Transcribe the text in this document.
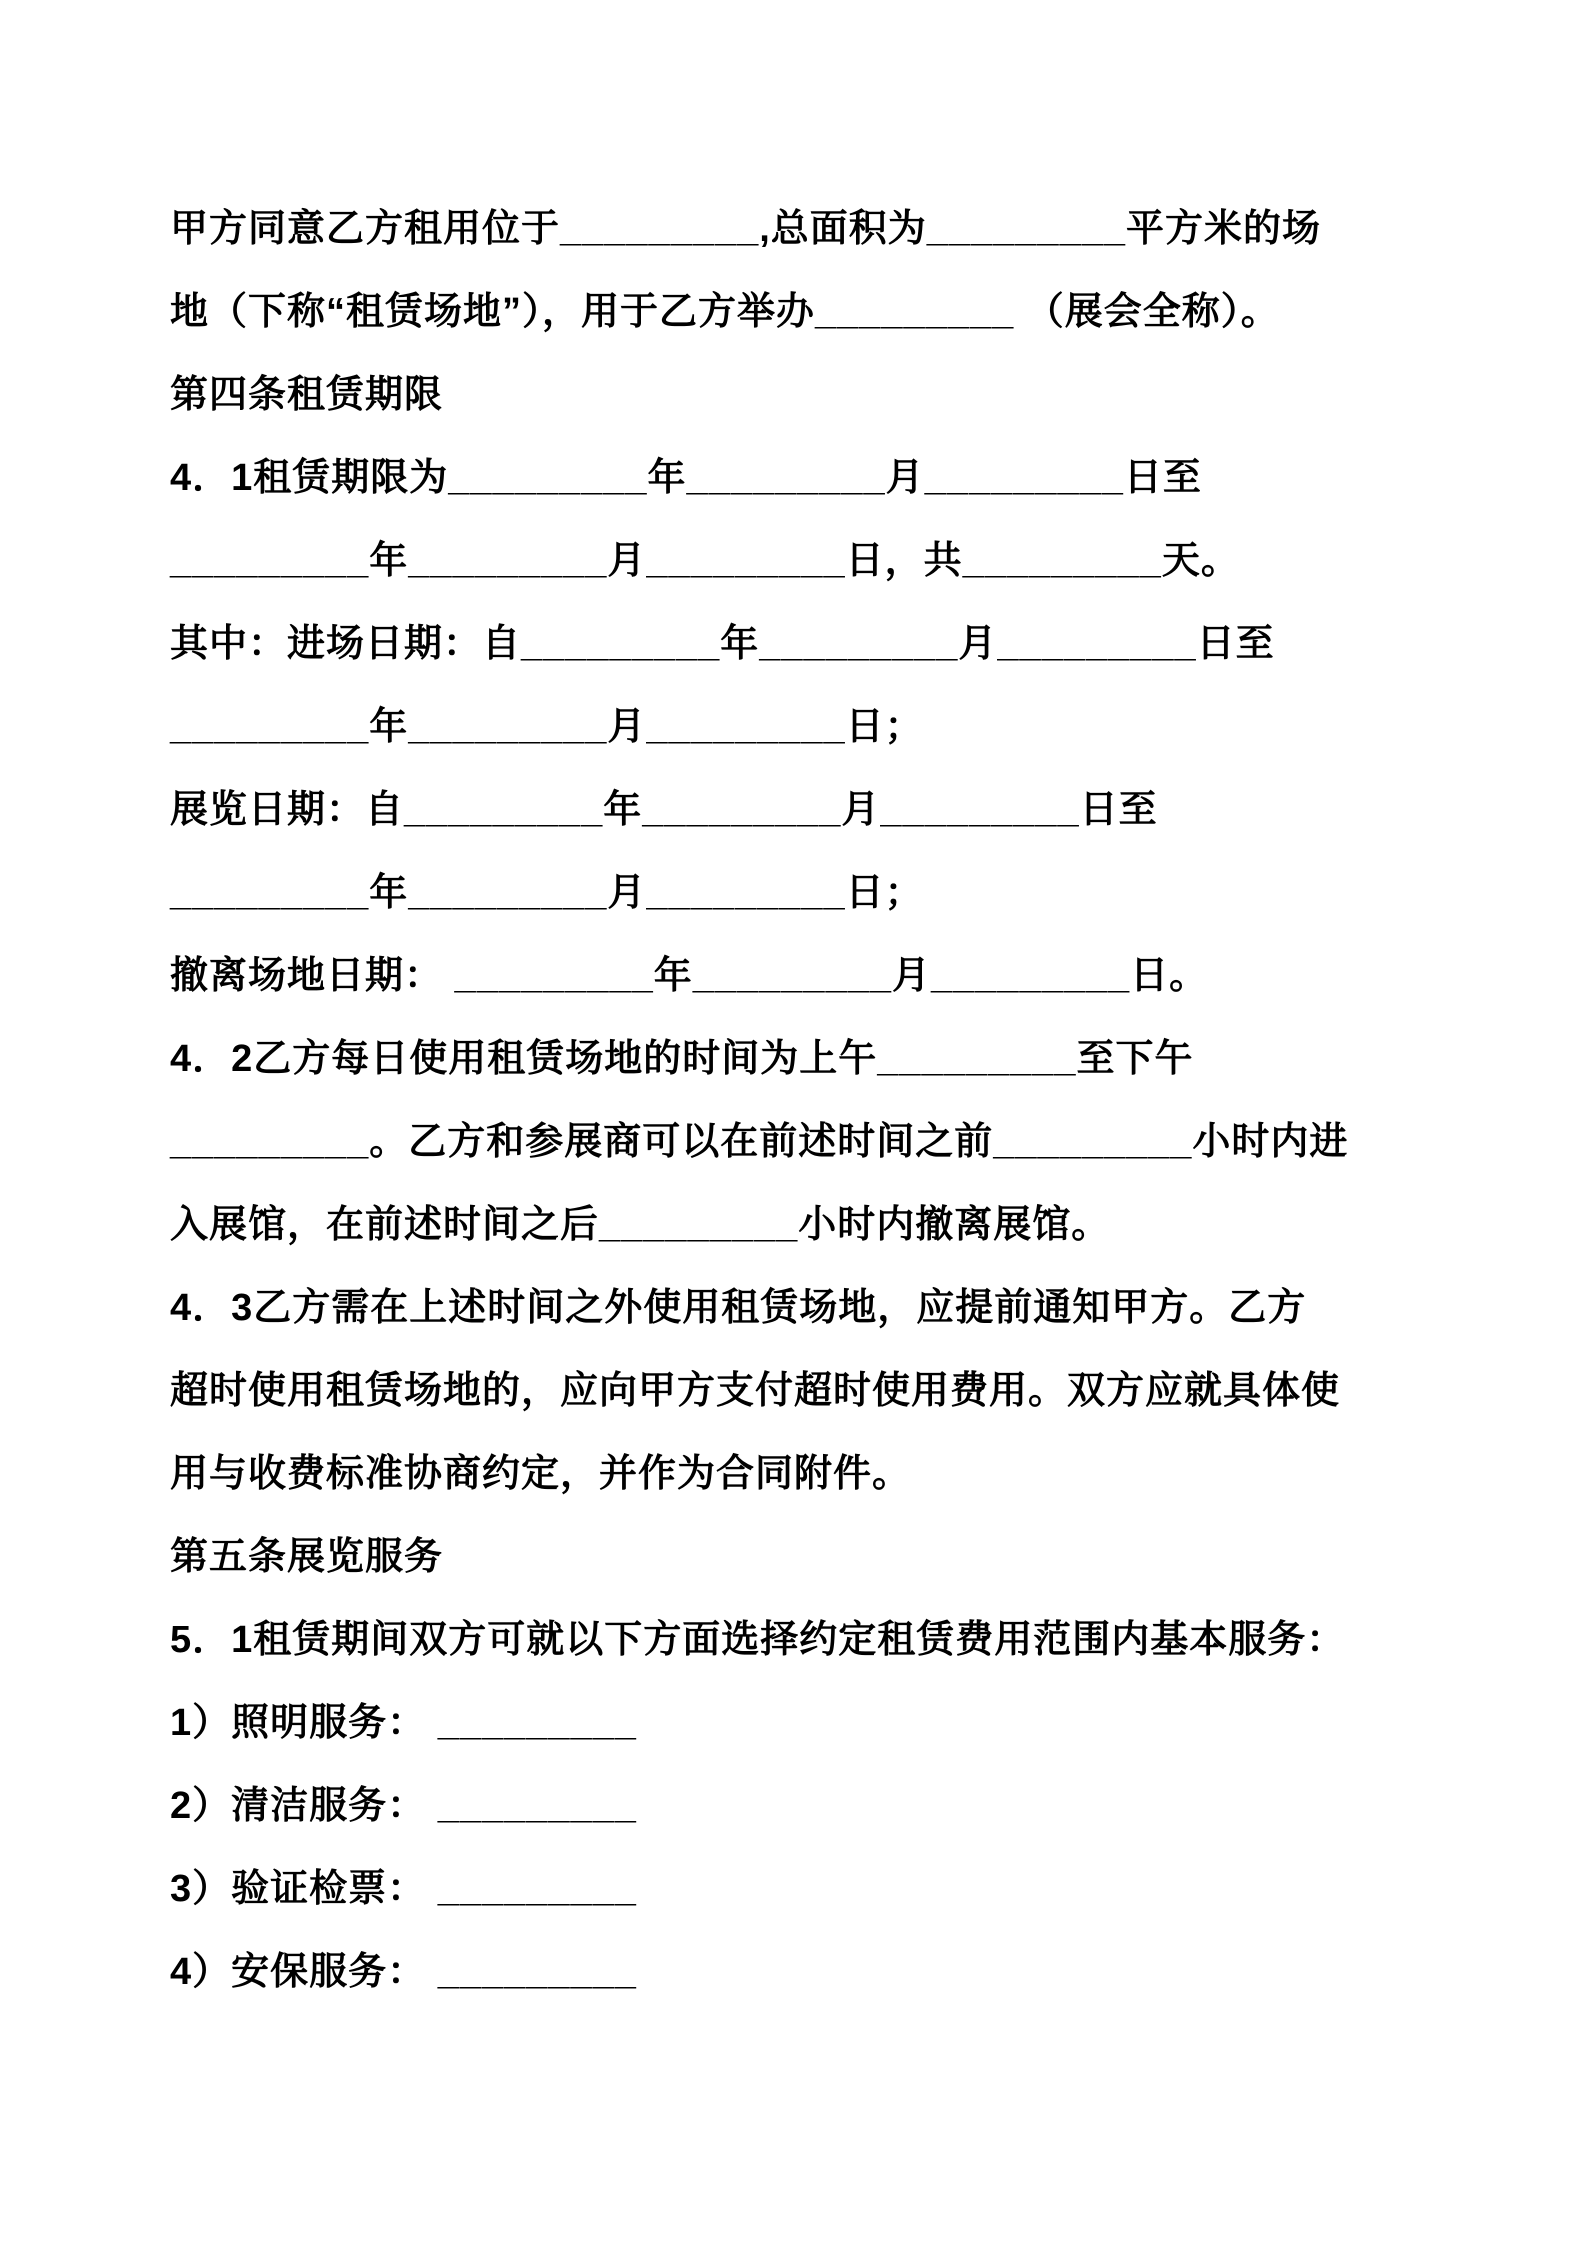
甲方同意乙方租用位于_________,总面积为_________平方米的场
地（下称“租赁场地”），用于乙方举办_________ （展会全称）。
第四条租赁期限
4．1租赁期限为_________年_________月_________日至
_________年_________月_________日，共_________天。
其中：进场日期：自_________年_________月_________日至
_________年_________月_________日；
展览日期：自_________年_________月_________日至
_________年_________月_________日；
撤离场地日期： _________年_________月_________日。
4．2乙方每日使用租赁场地的时间为上午_________至下午
_________。乙方和参展商可以在前述时间之前_________小时内进
入展馆，在前述时间之后_________小时内撤离展馆。
4．3乙方需在上述时间之外使用租赁场地，应提前通知甲方。乙方
超时使用租赁场地的，应向甲方支付超时使用费用。双方应就具体使
用与收费标准协商约定，并作为合同附件。
第五条展览服务
5．1租赁期间双方可就以下方面选择约定租赁费用范围内基本服务：
1）照明服务： _________
2）清洁服务： _________
3）验证检票： _________
4）安保服务： _________
